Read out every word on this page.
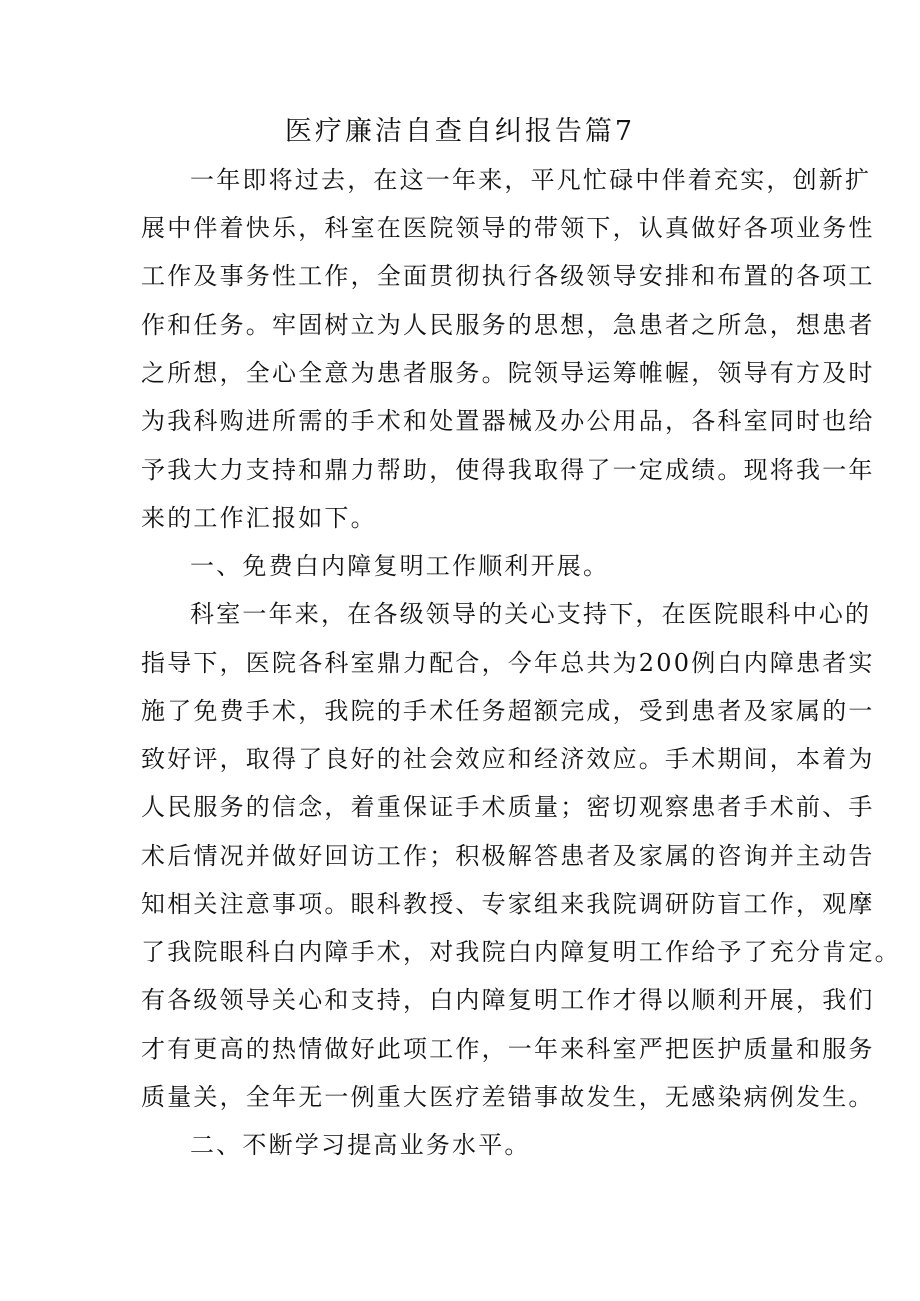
医疗廉洁自查自纠报告篇7

一年即将过去，在这一年来，平凡忙碌中伴着充实，创新扩

展中伴着快乐，科室在医院领导的带领下，认真做好各项业务性

工作及事务性工作，全面贯彻执行各级领导安排和布置的各项工

作和任务。牢固树立为人民服务的思想，急患者之所急，想患者

之所想，全心全意为患者服务。院领导运筹帷幄，领导有方及时

为我科购进所需的手术和处置器械及办公用品，各科室同时也给

予我大力支持和鼎力帮助，使得我取得了一定成绩。现将我一年

来的工作汇报如下。

一、免费白内障复明工作顺利开展。

科室一年来，在各级领导的关心支持下，在医院眼科中心的

指导下，医院各科室鼎力配合，今年总共为200例白内障患者实

施了免费手术，我院的手术任务超额完成，受到患者及家属的一

致好评，取得了良好的社会效应和经济效应。手术期间，本着为

人民服务的信念，着重保证手术质量；密切观察患者手术前、手

术后情况并做好回访工作；积极解答患者及家属的咨询并主动告

知相关注意事项。眼科教授、专家组来我院调研防盲工作，观摩

了我院眼科白内障手术，对我院白内障复明工作给予了充分肯定。

有各级领导关心和支持，白内障复明工作才得以顺利开展，我们

才有更高的热情做好此项工作，一年来科室严把医护质量和服务

质量关，全年无一例重大医疗差错事故发生，无感染病例发生。

二、不断学习提高业务水平。
